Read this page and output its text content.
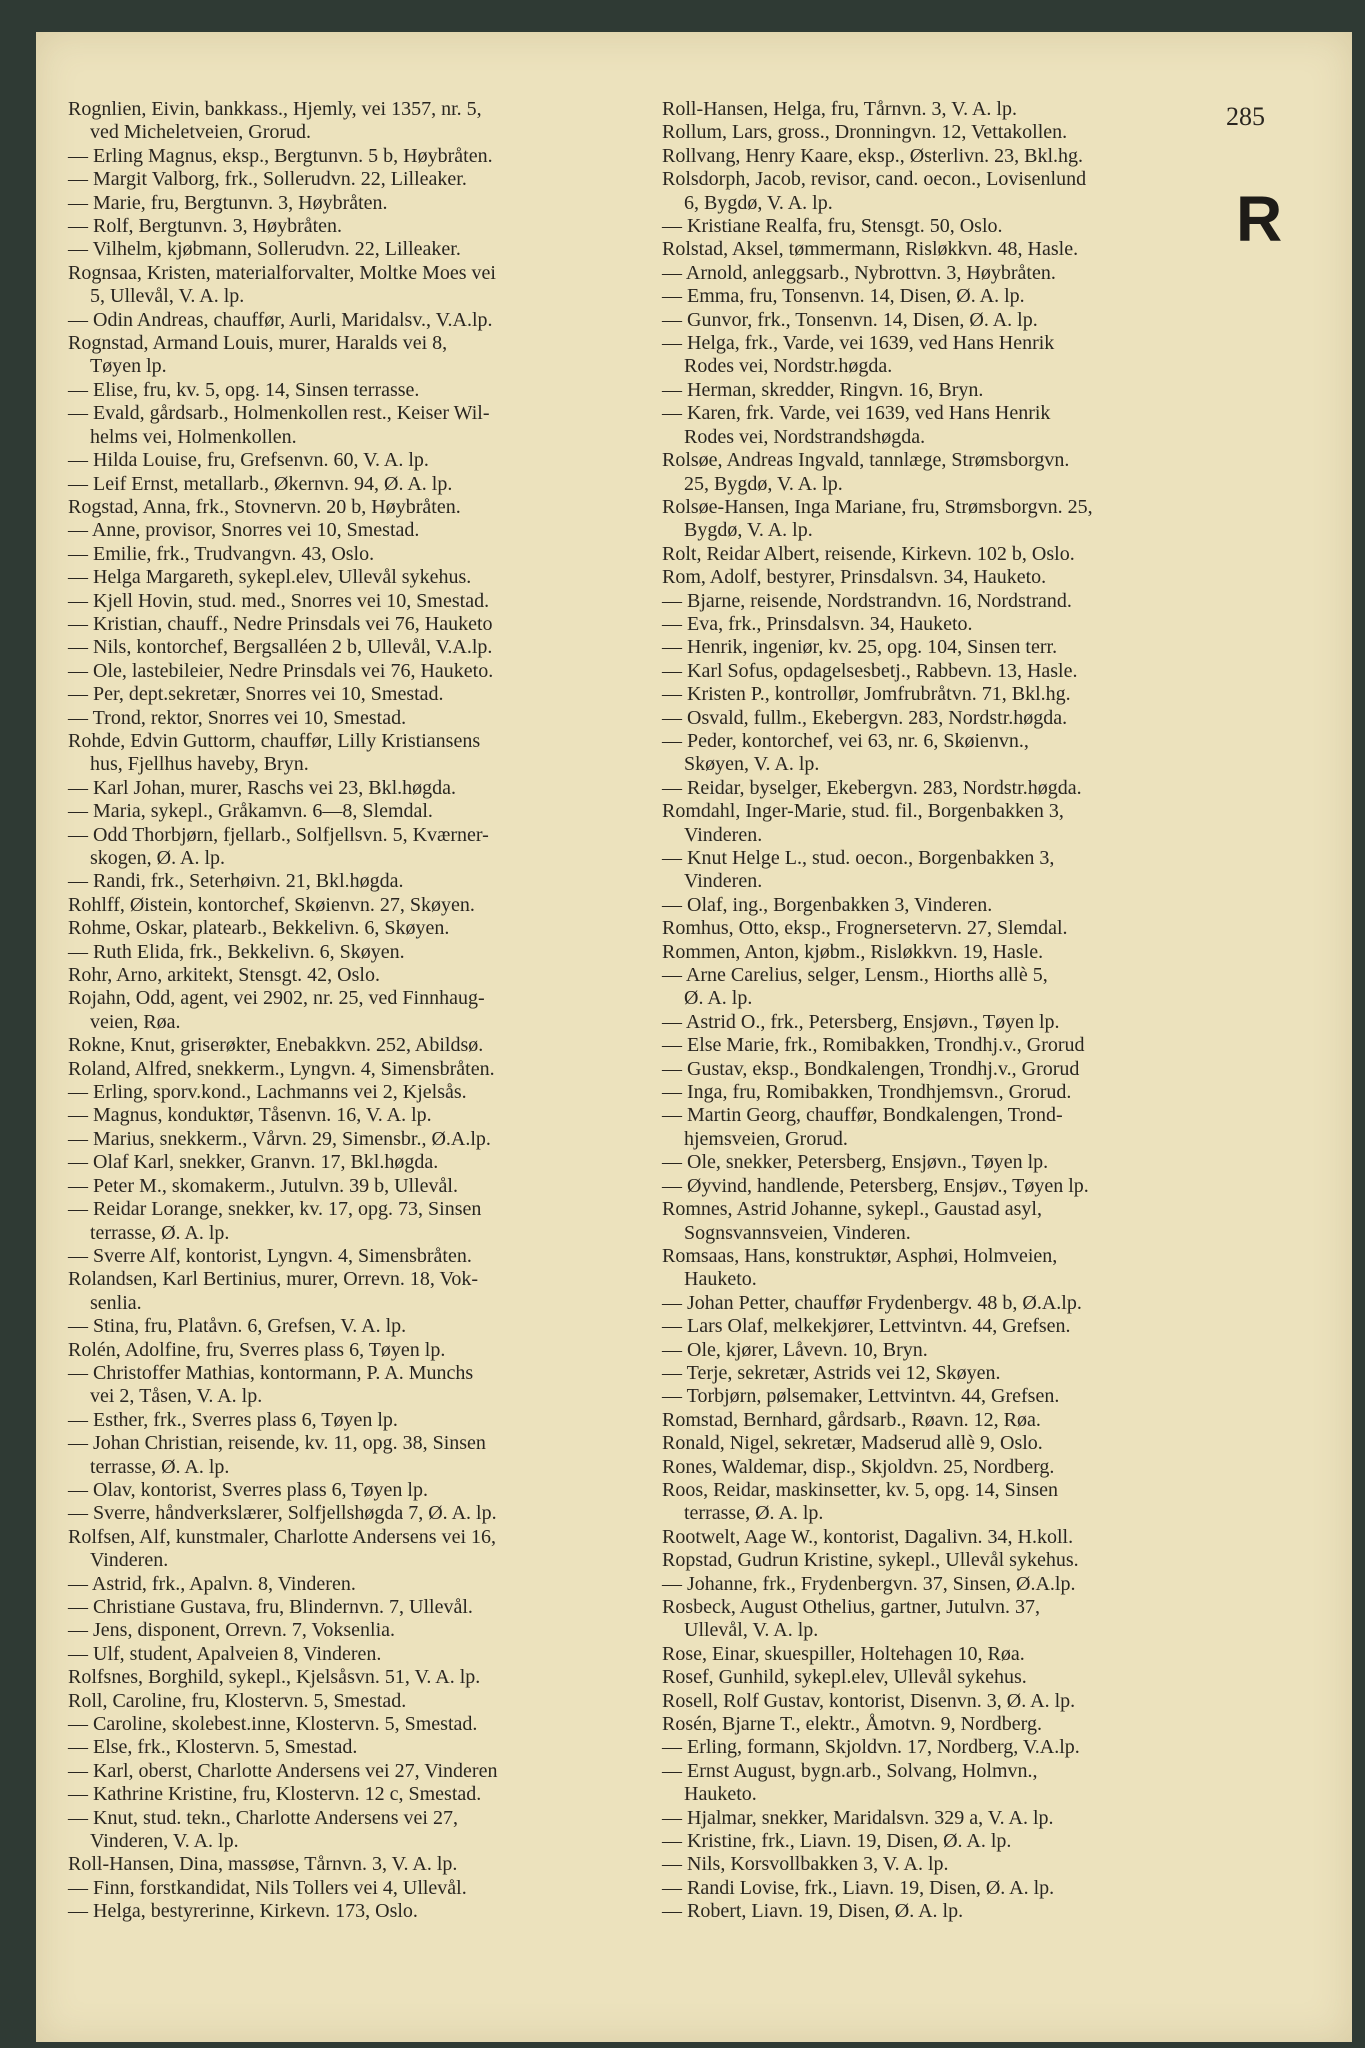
285
R
Rognlien, Eivin, bankkass., Hjemly, vei 1357, nr. 5,
ved Micheletveien, Grorud.
— Erling Magnus, eksp., Bergtunvn. 5 b, Høybråten.
— Margit Valborg, frk., Sollerudvn. 22, Lilleaker.
— Marie, fru, Bergtunvn. 3, Høybråten.
— Rolf, Bergtunvn. 3, Høybråten.
— Vilhelm, kjøbmann, Sollerudvn. 22, Lilleaker.
Rognsaa, Kristen, materialforvalter, Moltke Moes vei
5, Ullevål, V. A. lp.
— Odin Andreas, chauffør, Aurli, Maridalsv., V.A.lp.
Rognstad, Armand Louis, murer, Haralds vei 8,
Tøyen lp.
— Elise, fru, kv. 5, opg. 14, Sinsen terrasse.
— Evald, gårdsarb., Holmenkollen rest., Keiser Wil-
helms vei, Holmenkollen.
— Hilda Louise, fru, Grefsenvn. 60, V. A. lp.
— Leif Ernst, metallarb., Økernvn. 94, Ø. A. lp.
Rogstad, Anna, frk., Stovnervn. 20 b, Høybråten.
— Anne, provisor, Snorres vei 10, Smestad.
— Emilie, frk., Trudvangvn. 43, Oslo.
— Helga Margareth, sykepl.elev, Ullevål sykehus.
— Kjell Hovin, stud. med., Snorres vei 10, Smestad.
— Kristian, chauff., Nedre Prinsdals vei 76, Hauketo
— Nils, kontorchef, Bergsalléen 2 b, Ullevål, V.A.lp.
— Ole, lastebileier, Nedre Prinsdals vei 76, Hauketo.
— Per, dept.sekretær, Snorres vei 10, Smestad.
— Trond, rektor, Snorres vei 10, Smestad.
Rohde, Edvin Guttorm, chauffør, Lilly Kristiansens
hus, Fjellhus haveby, Bryn.
— Karl Johan, murer, Raschs vei 23, Bkl.høgda.
— Maria, sykepl., Gråkamvn. 6—8, Slemdal.
— Odd Thorbjørn, fjellarb., Solfjellsvn. 5, Kværner-
skogen, Ø. A. lp.
— Randi, frk., Seterhøivn. 21, Bkl.høgda.
Rohlff, Øistein, kontorchef, Skøienvn. 27, Skøyen.
Rohme, Oskar, platearb., Bekkelivn. 6, Skøyen.
— Ruth Elida, frk., Bekkelivn. 6, Skøyen.
Rohr, Arno, arkitekt, Stensgt. 42, Oslo.
Rojahn, Odd, agent, vei 2902, nr. 25, ved Finnhaug-
veien, Røa.
Rokne, Knut, griserøkter, Enebakkvn. 252, Abildsø.
Roland, Alfred, snekkerm., Lyngvn. 4, Simensbråten.
— Erling, sporv.kond., Lachmanns vei 2, Kjelsås.
— Magnus, konduktør, Tåsenvn. 16, V. A. lp.
— Marius, snekkerm., Vårvn. 29, Simensbr., Ø.A.lp.
— Olaf Karl, snekker, Granvn. 17, Bkl.høgda.
— Peter M., skomakerm., Jutulvn. 39 b, Ullevål.
— Reidar Lorange, snekker, kv. 17, opg. 73, Sinsen
terrasse, Ø. A. lp.
— Sverre Alf, kontorist, Lyngvn. 4, Simensbråten.
Rolandsen, Karl Bertinius, murer, Orrevn. 18, Vok-
senlia.
— Stina, fru, Platåvn. 6, Grefsen, V. A. lp.
Rolén, Adolfine, fru, Sverres plass 6, Tøyen lp.
— Christoffer Mathias, kontormann, P. A. Munchs
vei 2, Tåsen, V. A. lp.
— Esther, frk., Sverres plass 6, Tøyen lp.
— Johan Christian, reisende, kv. 11, opg. 38, Sinsen
terrasse, Ø. A. lp.
— Olav, kontorist, Sverres plass 6, Tøyen lp.
— Sverre, håndverkslærer, Solfjellshøgda 7, Ø. A. lp.
Rolfsen, Alf, kunstmaler, Charlotte Andersens vei 16,
Vinderen.
— Astrid, frk., Apalvn. 8, Vinderen.
— Christiane Gustava, fru, Blindernvn. 7, Ullevål.
— Jens, disponent, Orrevn. 7, Voksenlia.
— Ulf, student, Apalveien 8, Vinderen.
Rolfsnes, Borghild, sykepl., Kjelsåsvn. 51, V. A. lp.
Roll, Caroline, fru, Klostervn. 5, Smestad.
— Caroline, skolebest.inne, Klostervn. 5, Smestad.
— Else, frk., Klostervn. 5, Smestad.
— Karl, oberst, Charlotte Andersens vei 27, Vinderen
— Kathrine Kristine, fru, Klostervn. 12 c, Smestad.
— Knut, stud. tekn., Charlotte Andersens vei 27,
Vinderen, V. A. lp.
Roll-Hansen, Dina, massøse, Tårnvn. 3, V. A. lp.
— Finn, forstkandidat, Nils Tollers vei 4, Ullevål.
— Helga, bestyrerinne, Kirkevn. 173, Oslo.
Roll-Hansen, Helga, fru, Tårnvn. 3, V. A. lp.
Rollum, Lars, gross., Dronningvn. 12, Vettakollen.
Rollvang, Henry Kaare, eksp., Østerlivn. 23, Bkl.hg.
Rolsdorph, Jacob, revisor, cand. oecon., Lovisenlund
6, Bygdø, V. A. lp.
— Kristiane Realfa, fru, Stensgt. 50, Oslo.
Rolstad, Aksel, tømmermann, Risløkkvn. 48, Hasle.
— Arnold, anleggsarb., Nybrottvn. 3, Høybråten.
— Emma, fru, Tonsenvn. 14, Disen, Ø. A. lp.
— Gunvor, frk., Tonsenvn. 14, Disen, Ø. A. lp.
— Helga, frk., Varde, vei 1639, ved Hans Henrik
Rodes vei, Nordstr.høgda.
— Herman, skredder, Ringvn. 16, Bryn.
— Karen, frk. Varde, vei 1639, ved Hans Henrik
Rodes vei, Nordstrandshøgda.
Rolsøe, Andreas Ingvald, tannlæge, Strømsborgvn.
25, Bygdø, V. A. lp.
Rolsøe-Hansen, Inga Mariane, fru, Strømsborgvn. 25,
Bygdø, V. A. lp.
Rolt, Reidar Albert, reisende, Kirkevn. 102 b, Oslo.
Rom, Adolf, bestyrer, Prinsdalsvn. 34, Hauketo.
— Bjarne, reisende, Nordstrandvn. 16, Nordstrand.
— Eva, frk., Prinsdalsvn. 34, Hauketo.
— Henrik, ingeniør, kv. 25, opg. 104, Sinsen terr.
— Karl Sofus, opdagelsesbetj., Rabbevn. 13, Hasle.
— Kristen P., kontrollør, Jomfrubråtvn. 71, Bkl.hg.
— Osvald, fullm., Ekebergvn. 283, Nordstr.høgda.
— Peder, kontorchef, vei 63, nr. 6, Skøienvn.,
Skøyen, V. A. lp.
— Reidar, byselger, Ekebergvn. 283, Nordstr.høgda.
Romdahl, Inger-Marie, stud. fil., Borgenbakken 3,
Vinderen.
— Knut Helge L., stud. oecon., Borgenbakken 3,
Vinderen.
— Olaf, ing., Borgenbakken 3, Vinderen.
Romhus, Otto, eksp., Frognersetervn. 27, Slemdal.
Rommen, Anton, kjøbm., Risløkkvn. 19, Hasle.
— Arne Carelius, selger, Lensm., Hiorths allè 5,
Ø. A. lp.
— Astrid O., frk., Petersberg, Ensjøvn., Tøyen lp.
— Else Marie, frk., Romibakken, Trondhj.v., Grorud
— Gustav, eksp., Bondkalengen, Trondhj.v., Grorud
— Inga, fru, Romibakken, Trondhjemsvn., Grorud.
— Martin Georg, chauffør, Bondkalengen, Trond-
hjemsveien, Grorud.
— Ole, snekker, Petersberg, Ensjøvn., Tøyen lp.
— Øyvind, handlende, Petersberg, Ensjøv., Tøyen lp.
Romnes, Astrid Johanne, sykepl., Gaustad asyl,
Sognsvannsveien, Vinderen.
Romsaas, Hans, konstruktør, Asphøi, Holmveien,
Hauketo.
— Johan Petter, chauffør Frydenbergv. 48 b, Ø.A.lp.
— Lars Olaf, melkekjører, Lettvintvn. 44, Grefsen.
— Ole, kjører, Låvevn. 10, Bryn.
— Terje, sekretær, Astrids vei 12, Skøyen.
— Torbjørn, pølsemaker, Lettvintvn. 44, Grefsen.
Romstad, Bernhard, gårdsarb., Røavn. 12, Røa.
Ronald, Nigel, sekretær, Madserud allè 9, Oslo.
Rones, Waldemar, disp., Skjoldvn. 25, Nordberg.
Roos, Reidar, maskinsetter, kv. 5, opg. 14, Sinsen
terrasse, Ø. A. lp.
Rootwelt, Aage W., kontorist, Dagalivn. 34, H.koll.
Ropstad, Gudrun Kristine, sykepl., Ullevål sykehus.
— Johanne, frk., Frydenbergvn. 37, Sinsen, Ø.A.lp.
Rosbeck, August Othelius, gartner, Jutulvn. 37,
Ullevål, V. A. lp.
Rose, Einar, skuespiller, Holtehagen 10, Røa.
Rosef, Gunhild, sykepl.elev, Ullevål sykehus.
Rosell, Rolf Gustav, kontorist, Disenvn. 3, Ø. A. lp.
Rosén, Bjarne T., elektr., Åmotvn. 9, Nordberg.
— Erling, formann, Skjoldvn. 17, Nordberg, V.A.lp.
— Ernst August, bygn.arb., Solvang, Holmvn.,
Hauketo.
— Hjalmar, snekker, Maridalsvn. 329 a, V. A. lp.
— Kristine, frk., Liavn. 19, Disen, Ø. A. lp.
— Nils, Korsvollbakken 3, V. A. lp.
— Randi Lovise, frk., Liavn. 19, Disen, Ø. A. lp.
— Robert, Liavn. 19, Disen, Ø. A. lp.
